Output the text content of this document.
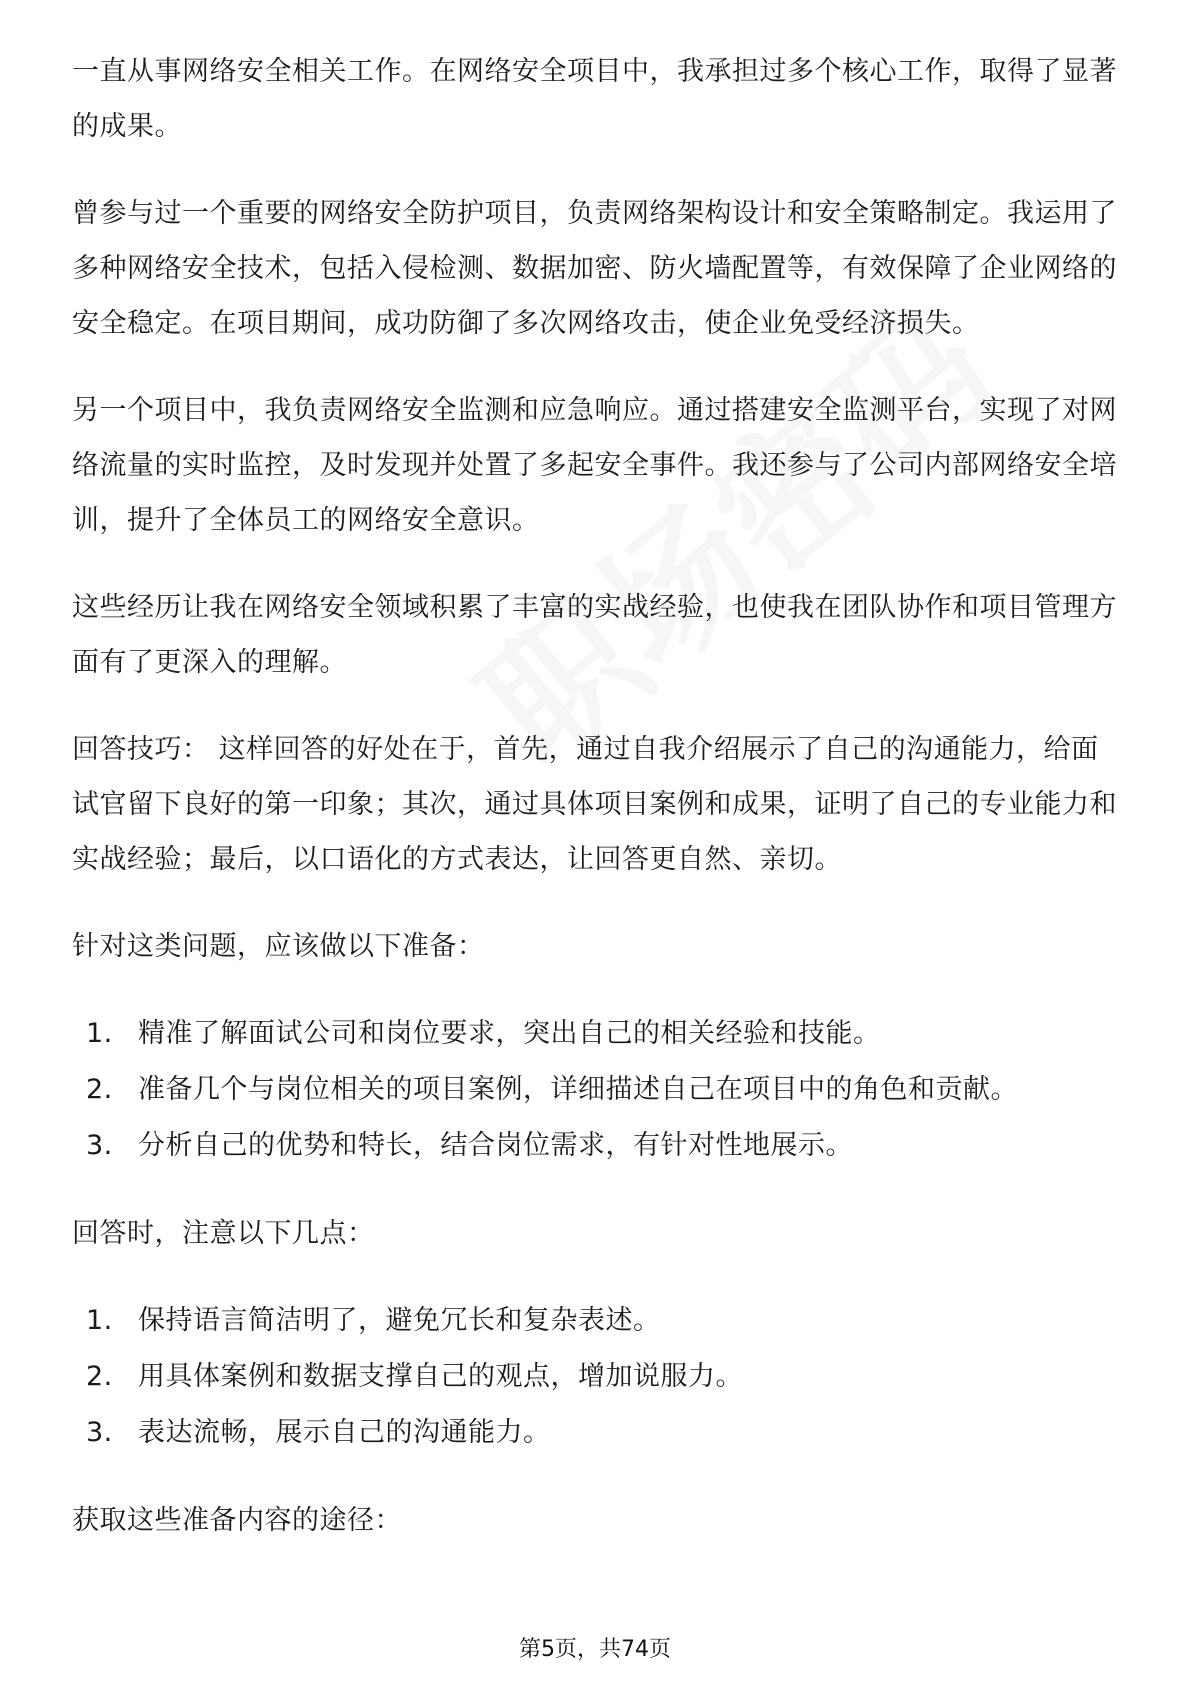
一直从事网络安全相关工作。在网络安全项目中，我承担过多个核心工作，取得了显著的成果。

曾参与过一个重要的网络安全防护项目，负责网络架构设计和安全策略制定。我运用了多种网络安全技术，包括入侵检测、数据加密、防火墙配置等，有效保障了企业网络的安全稳定。在项目期间，成功防御了多次网络攻击，使企业免受经济损失。

另一个项目中，我负责网络安全监测和应急响应。通过搭建安全监测平台，实现了对网络流量的实时监控，及时发现并处置了多起安全事件。我还参与了公司内部网络安全培训，提升了全体员工的网络安全意识。

这些经历让我在网络安全领域积累了丰富的实战经验，也使我在团队协作和项目管理方面有了更深入的理解。

回答技巧： 这样回答的好处在于，首先，通过自我介绍展示了自己的沟通能力，给面试官留下良好的第一印象；其次，通过具体项目案例和成果，证明了自己的专业能力和实战经验；最后，以口语化的方式表达，让回答更自然、亲切。

针对这类问题，应该做以下准备：

1. 精准了解面试公司和岗位要求，突出自己的相关经验和技能。
2. 准备几个与岗位相关的项目案例，详细描述自己在项目中的角色和贡献。
3. 分析自己的优势和特长，结合岗位需求，有针对性地展示。

回答时，注意以下几点：

1. 保持语言简洁明了，避免冗长和复杂表述。
2. 用具体案例和数据支撑自己的观点，增加说服力。
3. 表达流畅，展示自己的沟通能力。

获取这些准备内容的途径：

第5页，共74页
